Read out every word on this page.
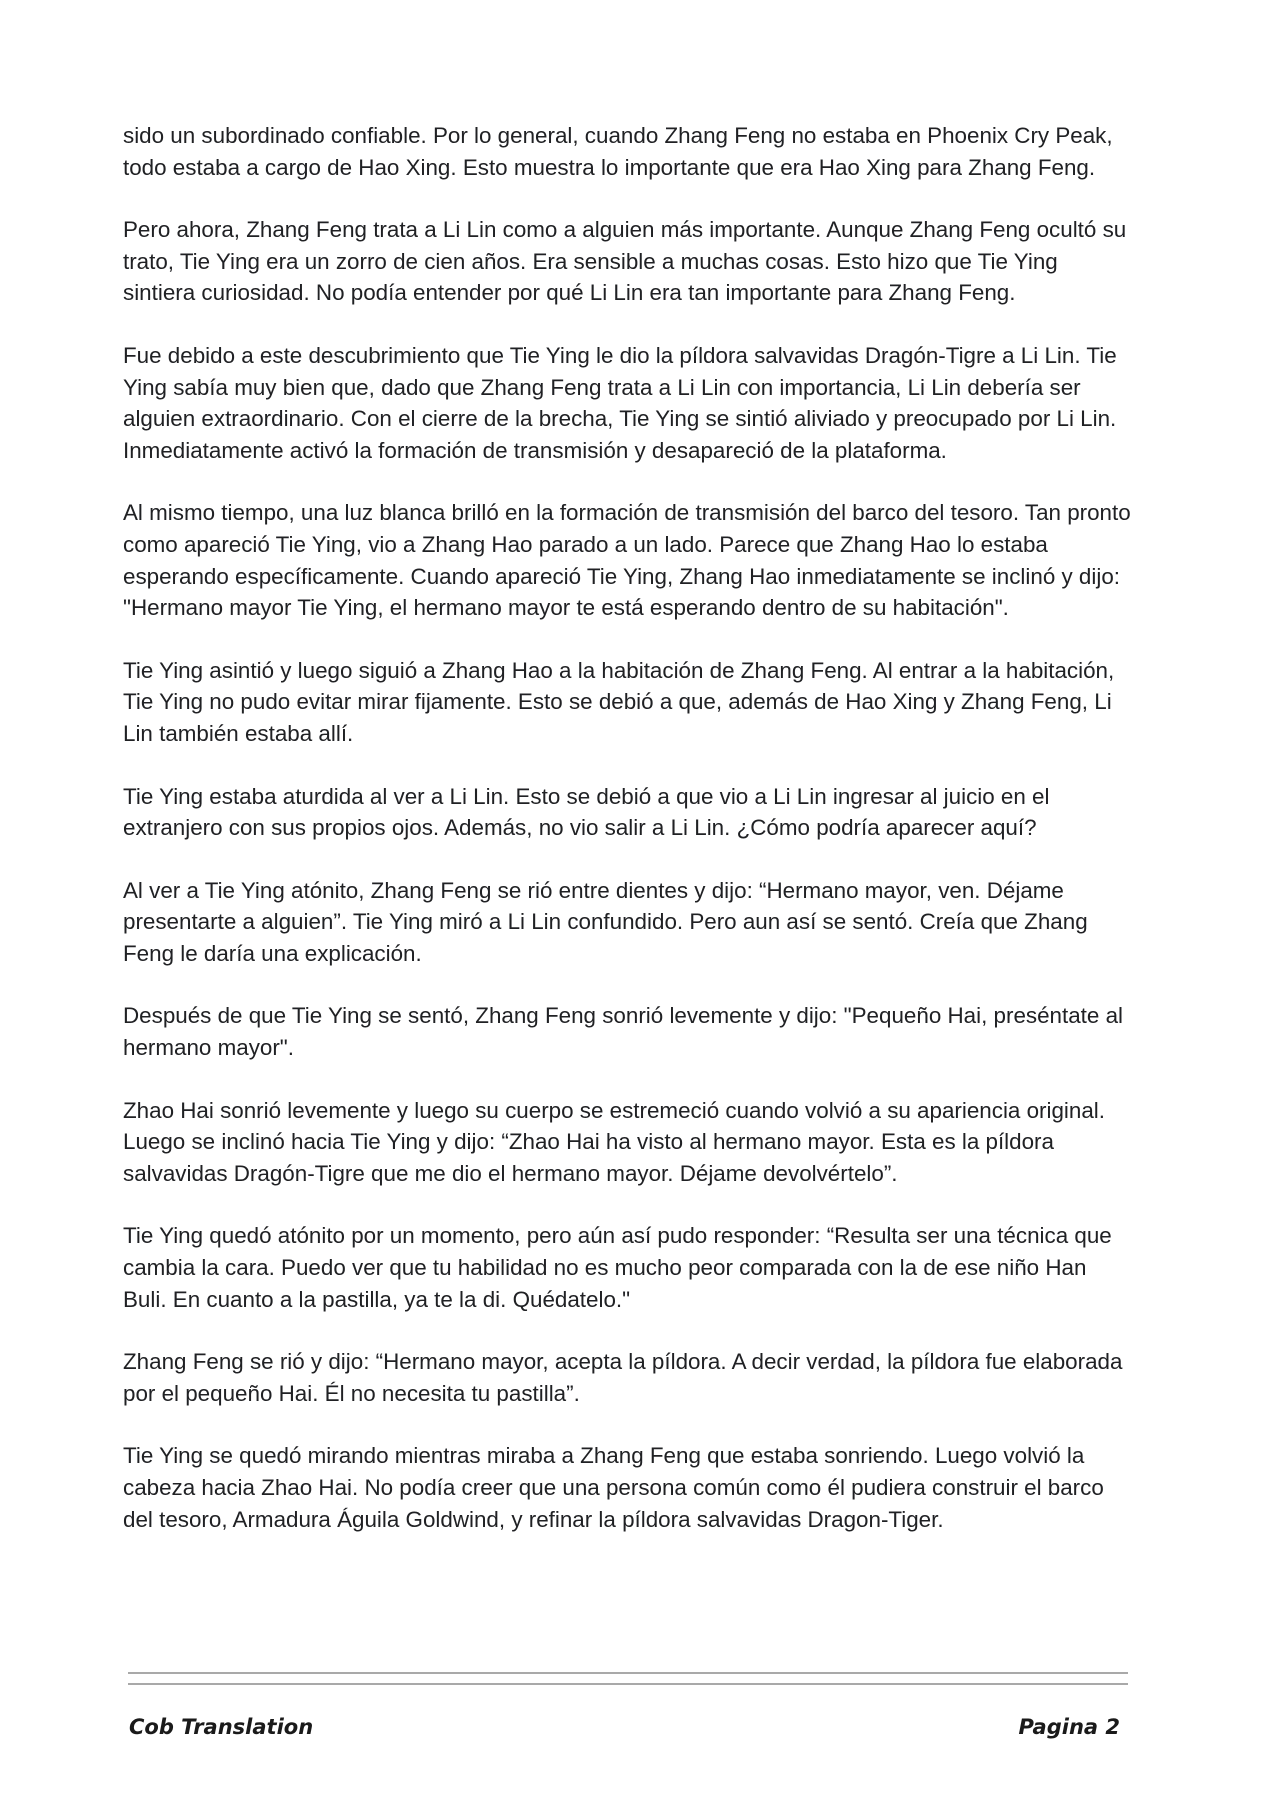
sido un subordinado confiable. Por lo general, cuando Zhang Feng no estaba en Phoenix Cry Peak, todo estaba a cargo de Hao Xing. Esto muestra lo importante que era Hao Xing para Zhang Feng.

Pero ahora, Zhang Feng trata a Li Lin como a alguien más importante. Aunque Zhang Feng ocultó su trato, Tie Ying era un zorro de cien años. Era sensible a muchas cosas. Esto hizo que Tie Ying sintiera curiosidad. No podía entender por qué Li Lin era tan importante para Zhang Feng.

Fue debido a este descubrimiento que Tie Ying le dio la píldora salvavidas Dragón-Tigre a Li Lin. Tie Ying sabía muy bien que, dado que Zhang Feng trata a Li Lin con importancia, Li Lin debería ser alguien extraordinario. Con el cierre de la brecha, Tie Ying se sintió aliviado y preocupado por Li Lin. Inmediatamente activó la formación de transmisión y desapareció de la plataforma.

Al mismo tiempo, una luz blanca brilló en la formación de transmisión del barco del tesoro. Tan pronto como apareció Tie Ying, vio a Zhang Hao parado a un lado. Parece que Zhang Hao lo estaba esperando específicamente. Cuando apareció Tie Ying, Zhang Hao inmediatamente se inclinó y dijo: "Hermano mayor Tie Ying, el hermano mayor te está esperando dentro de su habitación".

Tie Ying asintió y luego siguió a Zhang Hao a la habitación de Zhang Feng. Al entrar a la habitación, Tie Ying no pudo evitar mirar fijamente. Esto se debió a que, además de Hao Xing y Zhang Feng, Li Lin también estaba allí.

Tie Ying estaba aturdida al ver a Li Lin. Esto se debió a que vio a Li Lin ingresar al juicio en el extranjero con sus propios ojos. Además, no vio salir a Li Lin. ¿Cómo podría aparecer aquí?

Al ver a Tie Ying atónito, Zhang Feng se rió entre dientes y dijo: “Hermano mayor, ven. Déjame presentarte a alguien”. Tie Ying miró a Li Lin confundido. Pero aun así se sentó. Creía que Zhang Feng le daría una explicación.

Después de que Tie Ying se sentó, Zhang Feng sonrió levemente y dijo: "Pequeño Hai, preséntate al hermano mayor".

Zhao Hai sonrió levemente y luego su cuerpo se estremeció cuando volvió a su apariencia original. Luego se inclinó hacia Tie Ying y dijo: “Zhao Hai ha visto al hermano mayor. Esta es la píldora salvavidas Dragón-Tigre que me dio el hermano mayor. Déjame devolvértelo”.

Tie Ying quedó atónito por un momento, pero aún así pudo responder: “Resulta ser una técnica que cambia la cara. Puedo ver que tu habilidad no es mucho peor comparada con la de ese niño Han Buli. En cuanto a la pastilla, ya te la di. Quédatelo."

Zhang Feng se rió y dijo: “Hermano mayor, acepta la píldora. A decir verdad, la píldora fue elaborada por el pequeño Hai. Él no necesita tu pastilla”.

Tie Ying se quedó mirando mientras miraba a Zhang Feng que estaba sonriendo. Luego volvió la cabeza hacia Zhao Hai. No podía creer que una persona común como él pudiera construir el barco del tesoro, Armadura Águila Goldwind, y refinar la píldora salvavidas Dragon-Tiger.

Cob Translation	Pagina 2
